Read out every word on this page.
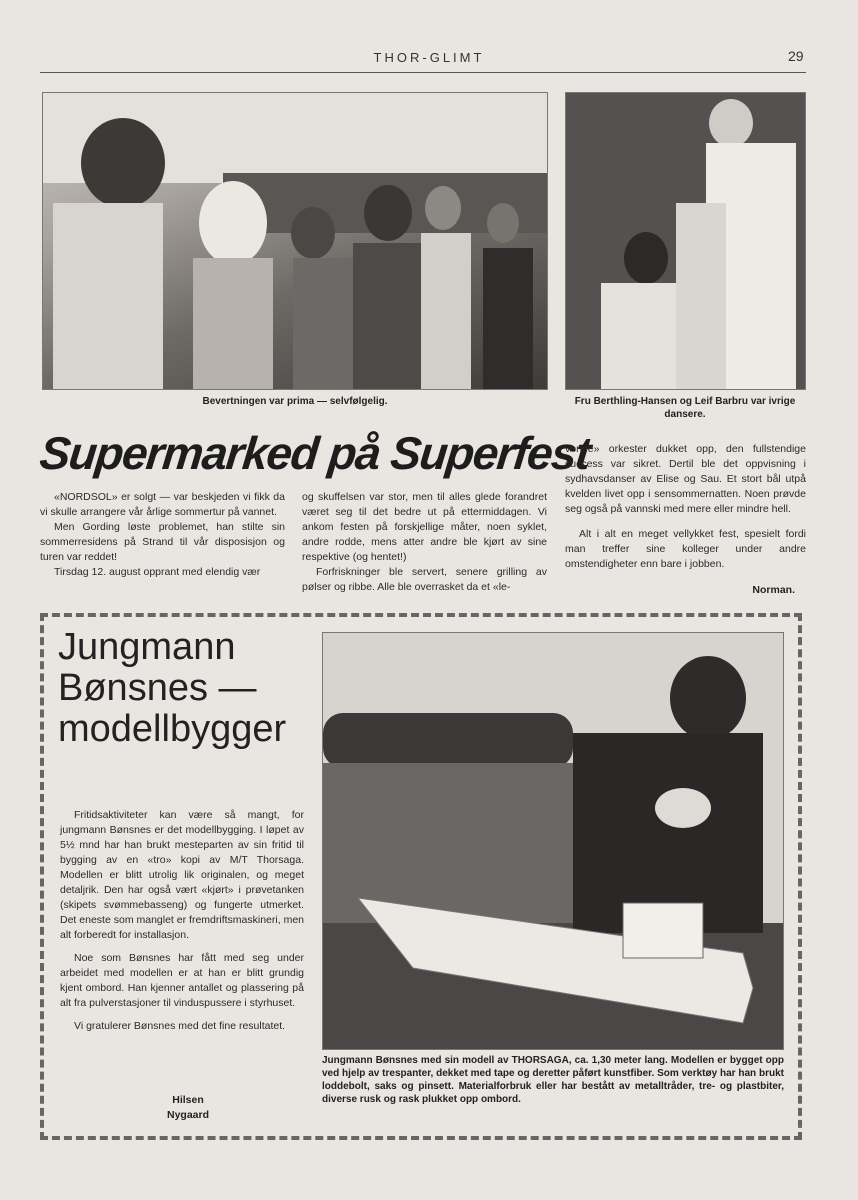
THOR-GLIMT	29
Bevertningen var prima — selvfølgelig.	Fru Berthling-Hansen og Leif Barbru var ivrige dansere.
Supermarked på Superfest

«NORDSOL» er solgt — var beskjeden vi fikk da vi skulle arrangere vår årlige sommertur på vannet.

Men Gording løste problemet, han stilte sin sommerresidens på Strand til vår disposisjon og turen var reddet!

Tirsdag 12. august opprant med elendig vær

og skuffelsen var stor, men til alles glede forandret været seg til det bedre ut på ettermiddagen. Vi ankom festen på forskjellige måter, noen syklet, andre rodde, mens atter andre ble kjørt av sine respektive (og hentet!)

Forfriskninger ble servert, senere grilling av pølser og ribbe. Alle ble overrasket da et «le-

vende» orkester dukket opp, den fullstendige success var sikret. Dertil ble det oppvisning i sydhavsdanser av Elise og Sau. Et stort bål utpå kvelden livet opp i sensommernatten. Noen prøvde seg også på vannski med mere eller mindre hell.

Alt i alt en meget vellykket fest, spesielt fordi man treffer sine kolleger under andre omstendigheter enn bare i jobben.

Norman.
Jungmann
Bønsnes —
modellbygger

Fritidsaktiviteter kan være så mangt, for jungmann Bønsnes er det modellbygging. I løpet av 5½ mnd har han brukt mesteparten av sin fritid til bygging av en «tro» kopi av M/T Thorsaga. Modellen er blitt utrolig lik originalen, og meget detaljrik. Den har også vært «kjørt» i prøvetanken (skipets svømmebasseng) og fungerte utmerket. Det eneste som manglet er fremdriftsmaskineri, men alt forberedt for installasjon.

Noe som Bønsnes har fått med seg under arbeidet med modellen er at han er blitt grundig kjent ombord. Han kjenner antallet og plassering på alt fra pulverstasjoner til vinduspussere i styrhuset.

Vi gratulerer Bønsnes med det fine resultatet.

Hilsen
Nygaard
Jungmann Bønsnes med sin modell av THORSAGA, ca. 1,30 meter lang. Modellen er bygget opp ved hjelp av trespanter, dekket med tape og deretter påført kunstfiber. Som verktøy har han brukt loddebolt, saks og pinsett. Materialforbruk eller har bestått av metalltråder, tre- og plastbiter, diverse rusk og rask plukket opp ombord.
